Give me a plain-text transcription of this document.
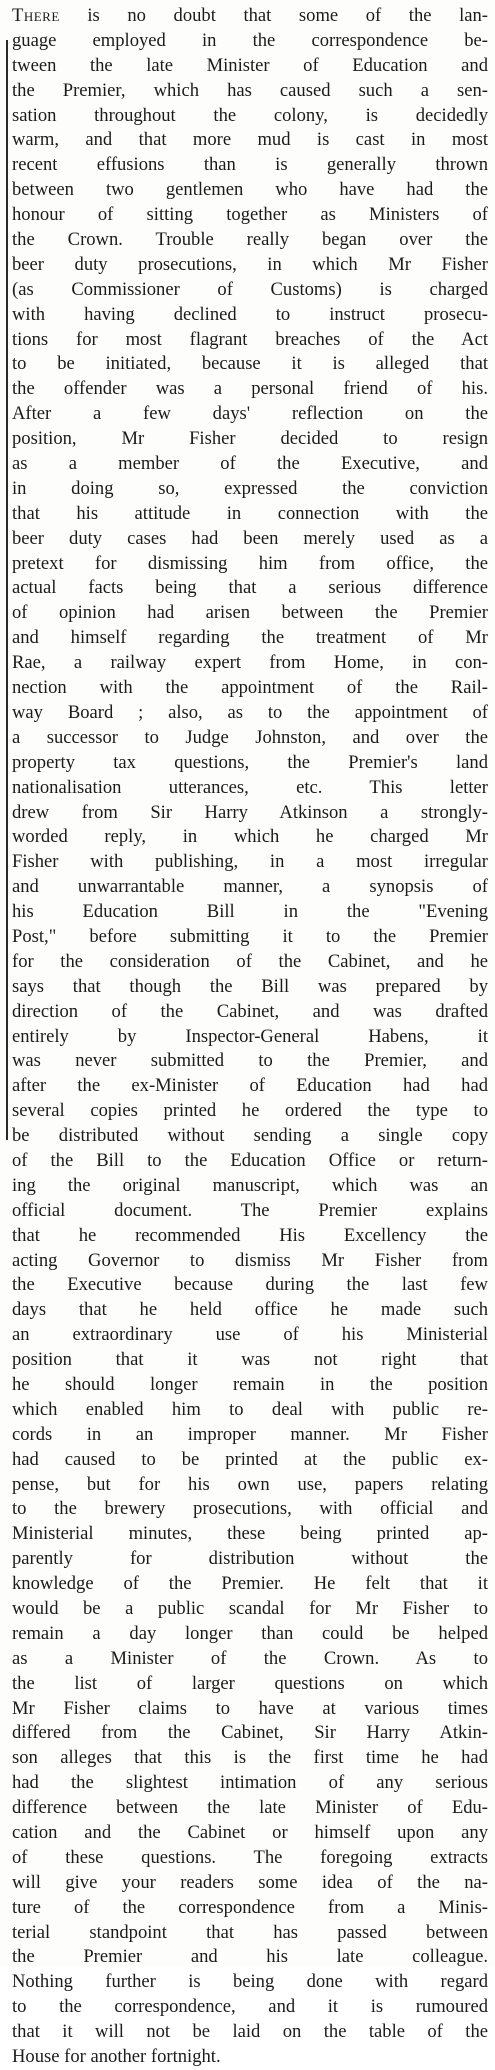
There is no doubt that some of the lan-
guage employed in the correspondence be-
tween the late Minister of Education and
the Premier, which has caused such a sen-
sation throughout the colony, is decidedly
warm, and that more mud is cast in most
recent effusions than is generally thrown
between two gentlemen who have had the
honour of sitting together as Ministers of
the Crown. Trouble really began over the
beer duty prosecutions, in which Mr Fisher
(as Commissioner of Customs) is charged
with having declined to instruct prosecu-
tions for most flagrant breaches of the Act
to be initiated, because it is alleged that
the offender was a personal friend of his.
After a few days' reflection on the
position, Mr Fisher decided to resign
as a member of the Executive, and
in doing so, expressed the conviction
that his attitude in connection with the
beer duty cases had been merely used as a
pretext for dismissing him from office, the
actual facts being that a serious difference
of opinion had arisen between the Premier
and himself regarding the treatment of Mr
Rae, a railway expert from Home, in con-
nection with the appointment of the Rail-
way Board ; also, as to the appointment of
a successor to Judge Johnston, and over the
property tax questions, the Premier's land
nationalisation utterances, etc. This letter
drew from Sir Harry Atkinson a strongly-
worded reply, in which he charged Mr
Fisher with publishing, in a most irregular
and unwarrantable manner, a synopsis of
his Education Bill in the "Evening
Post," before submitting it to the Premier
for the consideration of the Cabinet, and he
says that though the Bill was prepared by
direction of the Cabinet, and was drafted
entirely by Inspector-General Habens, it
was never submitted to the Premier, and
after the ex-Minister of Education had had
several copies printed he ordered the type to
be distributed without sending a single copy
of the Bill to the Education Office or return-
ing the original manuscript, which was an
official document. The Premier explains
that he recommended His Excellency the
acting Governor to dismiss Mr Fisher from
the Executive because during the last few
days that he held office he made such
an extraordinary use of his Ministerial
position that it was not right that
he should longer remain in the position
which enabled him to deal with public re-
cords in an improper manner. Mr Fisher
had caused to be printed at the public ex-
pense, but for his own use, papers relating
to the brewery prosecutions, with official and
Ministerial minutes, these being printed ap-
parently for distribution without the
knowledge of the Premier. He felt that it
would be a public scandal for Mr Fisher to
remain a day longer than could be helped
as a Minister of the Crown. As to
the list of larger questions on which
Mr Fisher claims to have at various times
differed from the Cabinet, Sir Harry Atkin-
son alleges that this is the first time he had
had the slightest intimation of any serious
difference between the late Minister of Edu-
cation and the Cabinet or himself upon any
of these questions. The foregoing extracts
will give your readers some idea of the na-
ture of the correspondence from a Minis-
terial standpoint that has passed between
the Premier and his late colleague.
Nothing further is being done with regard
to the correspondence, and it is rumoured
that it will not be laid on the table of the
House for another fortnight.
